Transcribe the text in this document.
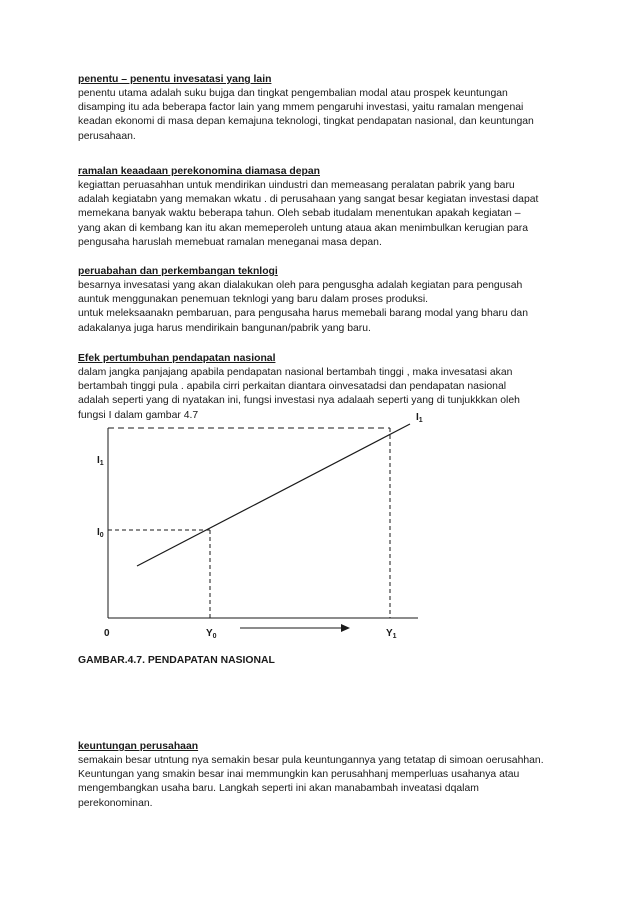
penentu – penentu invesatasi yang lain
penentu utama adalah suku bujga dan tingkat pengembalian modal atau prospek keuntungan
disamping itu ada beberapa factor lain yang mmem pengaruhi investasi, yaitu ramalan mengenai
keadan ekonomi di masa depan kemajuna teknologi, tingkat pendapatan nasional, dan keuntungan
perusahaan.
ramalan keaadaan perekonomina diamasa depan
kegiattan peruasahhan untuk mendirikan uindustri dan memeasang peralatan pabrik yang baru
adalah kegiatabn yang memakan wkatu . di perusahaan yang sangat besar kegiatan investasi dapat
memekana banyak waktu beberapa tahun. Oleh sebab itudalam menentukan apakah kegiatan –
yang akan di kembang kan itu akan memeperoleh untung ataua akan menimbulkan kerugian para
pengusaha haruslah memebuat ramalan meneganai masa depan.
peruabahan dan perkembangan teknlogi
besarnya invesatasi yang akan dialakukan oleh para pengusgha adalah kegiatan para pengusah
auntuk menggunakan penemuan teknlogi yang baru dalam proses produksi.
untuk meleksaanakn pembaruan, para pengusaha harus memebali barang modal yang bharu dan
adakalanya juga harus mendirikain bangunan/pabrik yang baru.
Efek pertumbuhan pendapatan nasional
dalam jangka panjajang apabila pendapatan nasional bertambah tinggi , maka invesatasi akan
bertambah tinggi pula . apabila cirri perkaitan diantara oinvesatadsi dan pendapatan nasional
adalah seperti yang di nyatakan ini, fungsi investasi nya adalaah seperti yang di tunjukkkan oleh
fungsi I dalam gambar 4.7
$I_1$
$I_1$
$I_0$
0	$Y_0$	$Y_1$
GAMBAR.4.7. PENDAPATAN NASIONAL
keuntungan perusahaan
semakain besar utntung nya semakin besar pula keuntungannya yang tetatap di simoan oerusahhan.
Keuntungan yang smakin besar inai memmungkin kan perusahhanj memperluas usahanya atau
mengembangkan usaha baru. Langkah seperti ini akan manabambah inveatasi dqalam
perekonominan.
